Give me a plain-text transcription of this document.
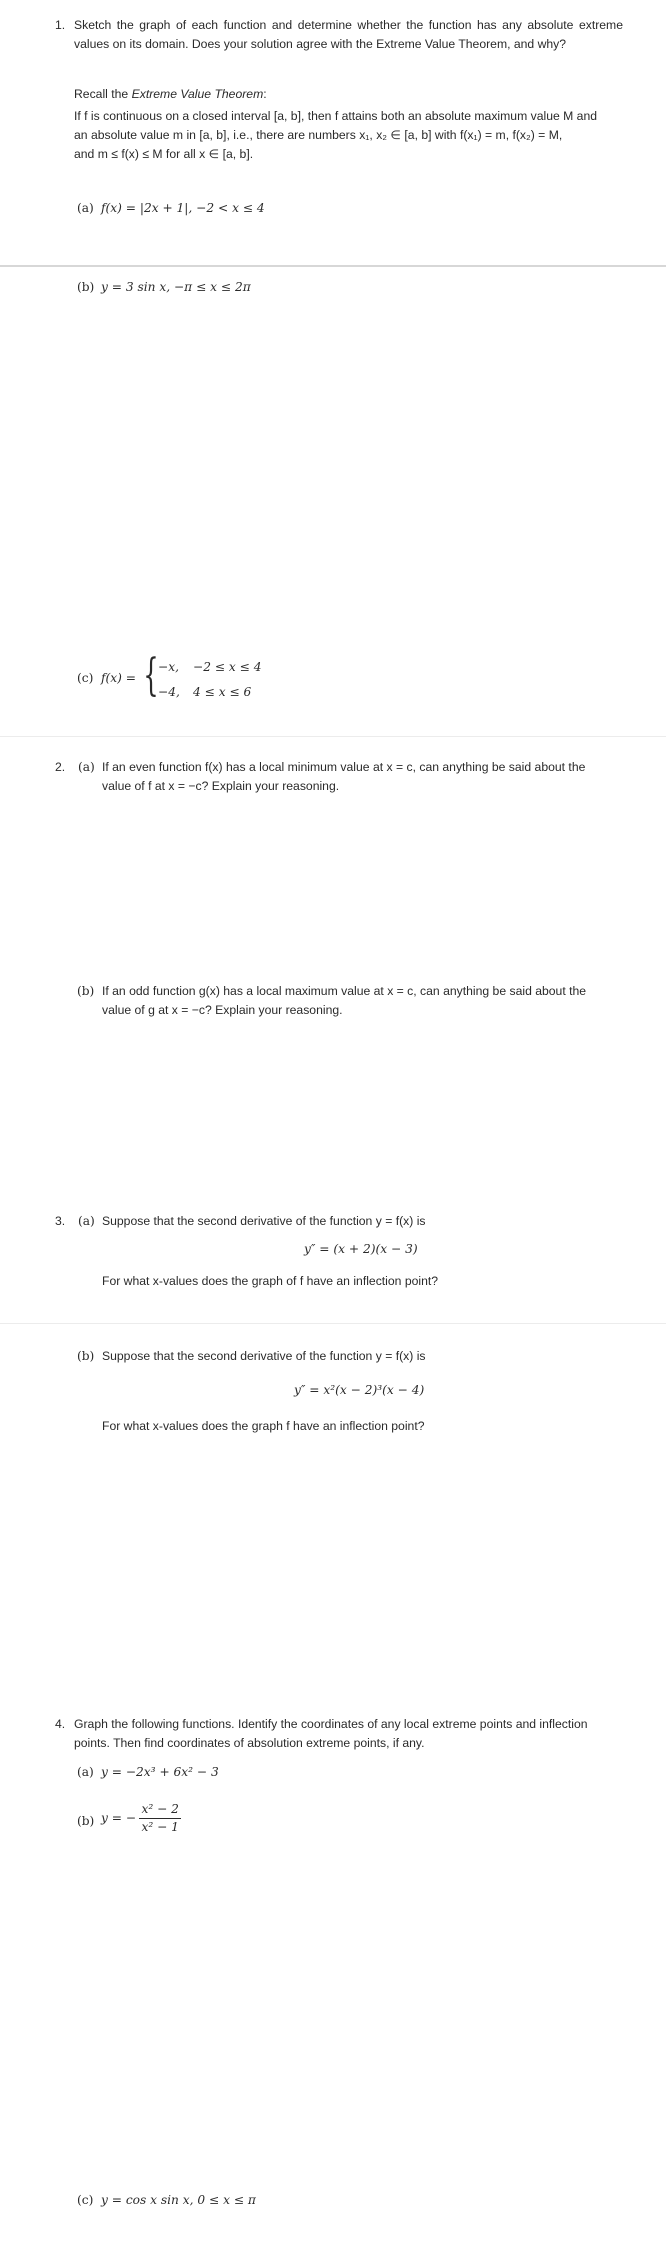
1. Sketch the graph of each function and determine whether the function has any absolute extreme values on its domain. Does your solution agree with the Extreme Value Theorem, and why?
Recall the Extreme Value Theorem:
If f is continuous on a closed interval [a, b], then f attains both an absolute maximum value M and
an absolute value m in [a, b], i.e., there are numbers x₁, x₂ ∈ [a, b] with f(x₁) = m, f(x₂) = M,
and m ≤ f(x) ≤ M for all x ∈ [a, b].
(a) f(x) = |2x + 1|, −2 < x ≤ 4
(b) y = 3 sin x, −π ≤ x ≤ 2π
(c) f(x) = { −x, −2 ≤ x ≤ 4
−4, 4 ≤ x ≤ 6
2. (a) If an even function f(x) has a local minimum value at x = c, can anything be said about the
value of f at x = −c? Explain your reasoning.
(b) If an odd function g(x) has a local maximum value at x = c, can anything be said about the
value of g at x = −c? Explain your reasoning.
3. (a) Suppose that the second derivative of the function y = f(x) is
y″ = (x + 2)(x − 3)
For what x-values does the graph of f have an inflection point?
(b) Suppose that the second derivative of the function y = f(x) is
y″ = x²(x − 2)³(x − 4)
For what x-values does the graph f have an inflection point?
4. Graph the following functions. Identify the coordinates of any local extreme points and inflection
points. Then find coordinates of absolution extreme points, if any.
(a) y = −2x³ + 6x² − 3
(b) y = − $\frac{\text{x² − 2}}{\text{x² − 1}}$
(c) y = cos x sin x, 0 ≤ x ≤ π
